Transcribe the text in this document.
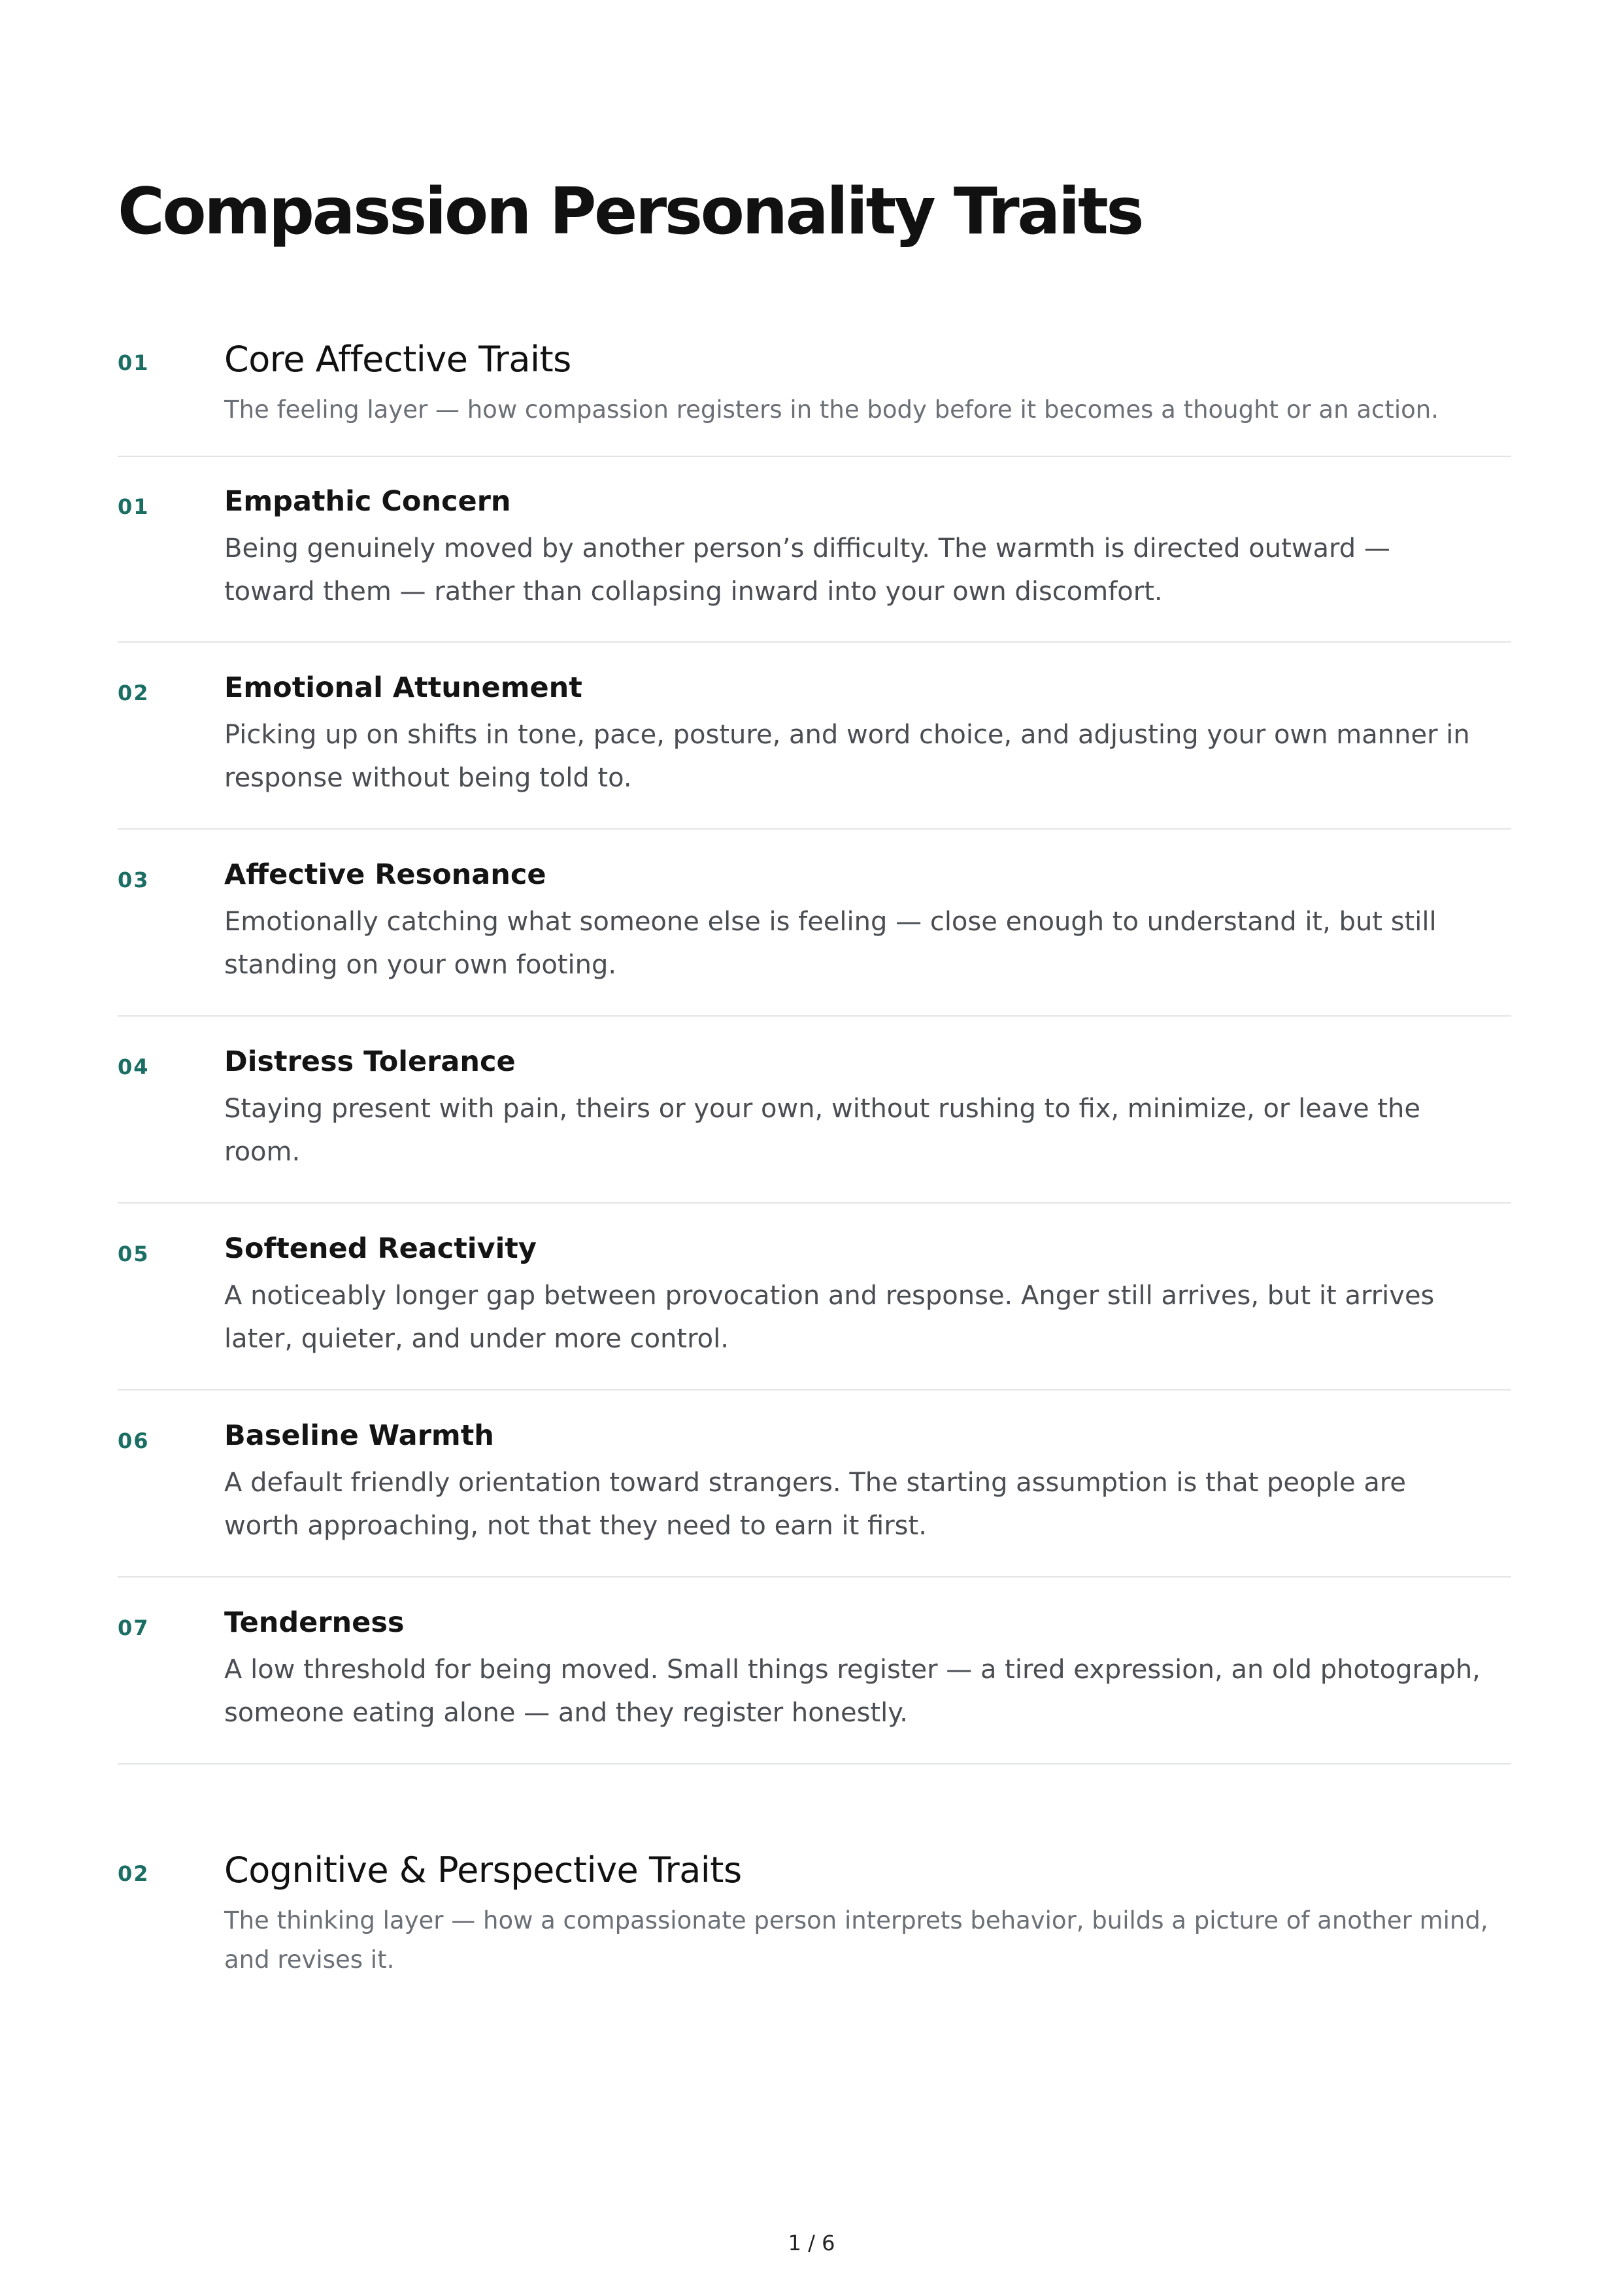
Compassion Personality Traits
01 Core Affective Traits

The feeling layer — how compassion registers in the body before it becomes a thought or an action.

01	Empathic Concern

Being genuinely moved by another person’s difficulty. The warmth is directed outward — toward them — rather than collapsing inward into your own discomfort.

02	Emotional Attunement

Picking up on shifts in tone, pace, posture, and word choice, and adjusting your own manner in response without being told to.

03	Affective Resonance

Emotionally catching what someone else is feeling — close enough to understand it, but still standing on your own footing.

04	Distress Tolerance

Staying present with pain, theirs or your own, without rushing to fix, minimize, or leave the room.

05	Softened Reactivity

A noticeably longer gap between provocation and response. Anger still arrives, but it arrives later, quieter, and under more control.

06	Baseline Warmth

A default friendly orientation toward strangers. The starting assumption is that people are worth approaching, not that they need to earn it first.

07	Tenderness

A low threshold for being moved. Small things register — a tired expression, an old photograph, someone eating alone — and they register honestly.

02 Cognitive & Perspective Traits

The thinking layer — how a compassionate person interprets behavior, builds a picture of another mind, and revises it.

1 / 6
